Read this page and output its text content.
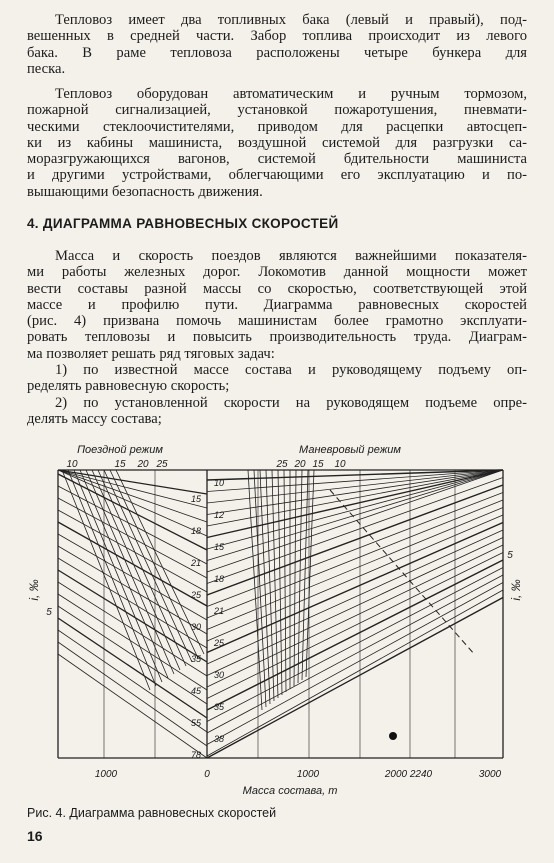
Тепловоз имеет два топливных бака (левый и правый), под-
вешенных в средней части. Забор топлива происходит из левого
бака. В раме тепловоза расположены четыре бункера для
песка.
Тепловоз оборудован автоматическим и ручным тормозом,
пожарной сигнализацией, установкой пожаротушения, пневмати-
ческими стеклоочистителями, приводом для расцепки автосцеп-
ки из кабины машиниста, воздушной системой для разгрузки са-
моразгружающихся вагонов, системой бдительности машиниста
и другими устройствами, облегчающими его эксплуатацию и по-
вышающими безопасность движения.
4. ДИАГРАММА РАВНОВЕСНЫХ СКОРОСТЕЙ
Масса и скорость поездов являются важнейшими показателя-
ми работы железных дорог. Локомотив данной мощности может
вести составы разной массы со скоростью, соответствующей этой
массе и профилю пути. Диаграмма равновесных скоростей
(рис. 4) призвана помочь машинистам более грамотно эксплуати-
ровать тепловозы и повысить производительность труда. Диаграм-
ма позволяет решать ряд тяговых задач:
1) по известной массе состава и руководящему подъему оп-
ределять равновесную скорость;
2) по установленной скорости на руководящем подъеме опре-
делять массу состава;
Поездной режим	Маневровый режим
10	15 20 25	25 20 15 10
i, ‰	i, ‰
5
5
15
18
21
25
30
35
45
55
78
10
12
15
18
21
25
30
35
38
1000	0	1000	2000 2240	3000
Масса состава, т
Рис. 4. Диаграмма равновесных скоростей
16
